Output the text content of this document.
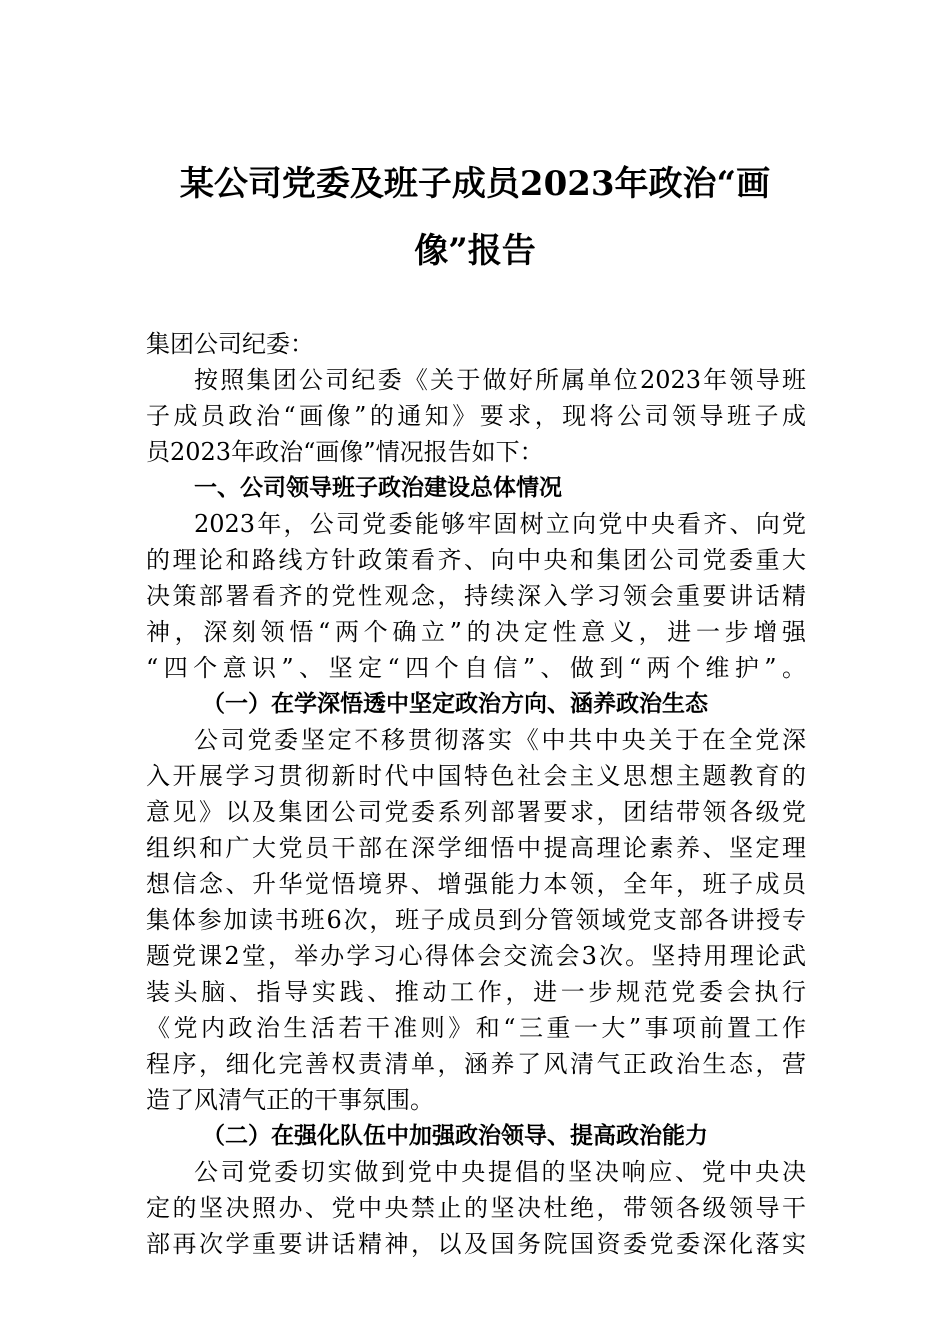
某公司党委及班子成员2023年政治“画
像”报告
集团公司纪委：
按照集团公司纪委《关于做好所属单位2023年领导班
子成员政治“画像”的通知》要求，现将公司领导班子成
员2023年政治“画像”情况报告如下：
一、公司领导班子政治建设总体情况
2023年，公司党委能够牢固树立向党中央看齐、向党
的理论和路线方针政策看齐、向中央和集团公司党委重大
决策部署看齐的党性观念，持续深入学习领会重要讲话精
神，深刻领悟“两个确立”的决定性意义，进一步增强
“四个意识”、坚定“四个自信”、做到“两个维护”。
（一）在学深悟透中坚定政治方向、涵养政治生态
公司党委坚定不移贯彻落实《中共中央关于在全党深
入开展学习贯彻新时代中国特色社会主义思想主题教育的
意见》以及集团公司党委系列部署要求，团结带领各级党
组织和广大党员干部在深学细悟中提高理论素养、坚定理
想信念、升华觉悟境界、增强能力本领，全年，班子成员
集体参加读书班6次，班子成员到分管领域党支部各讲授专
题党课2堂，举办学习心得体会交流会3次。坚持用理论武
装头脑、指导实践、推动工作，进一步规范党委会执行
《党内政治生活若干准则》和“三重一大”事项前置工作
程序，细化完善权责清单，涵养了风清气正政治生态，营
造了风清气正的干事氛围。
（二）在强化队伍中加强政治领导、提高政治能力
公司党委切实做到党中央提倡的坚决响应、党中央决
定的坚决照办、党中央禁止的坚决杜绝，带领各级领导干
部再次学重要讲话精神，以及国务院国资委党委深化落实
